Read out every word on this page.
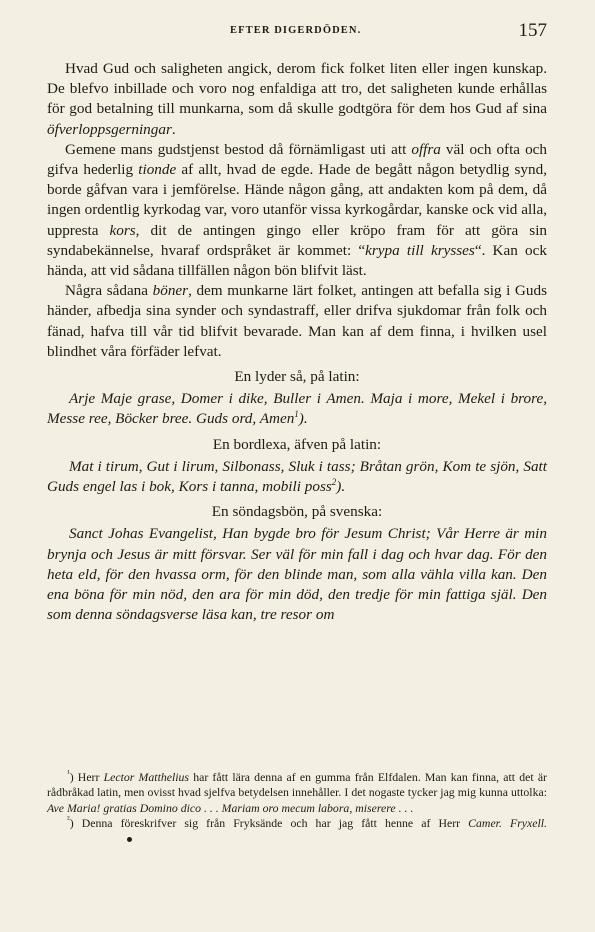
EFTER DIGERDÖDEN.	157

Hvad Gud och saligheten angick, derom fick folket liten eller ingen kunskap. De blefvo inbillade och voro nog enfaldiga att tro, det saligheten kunde erhållas för god betalning till munkarna, som då skulle godtgöra för dem hos Gud af sina öfverloppsgerningar.

Gemene mans gudstjenst bestod då förnämligast uti att offra väl och ofta och gifva hederlig tionde af allt, hvad de egde. Hade de begått någon betydlig synd, borde gåfvan vara i jemförelse. Hände någon gång, att andakten kom på dem, då ingen ordentlig kyrkodag var, voro utanför vissa kyrkogårdar, kanske ock vid alla, uppresta kors, dit de antingen gingo eller kröpo fram för att göra sin syndabekännelse, hvaraf ordspråket är kommet: “krypa till krysses“. Kan ock hända, att vid sådana tillfällen någon bön blifvit läst.

Några sådana böner, dem munkarne lärt folket, antingen att befalla sig i Guds händer, afbedja sina synder och syndastraff, eller drifva sjukdomar från folk och fänad, hafva till vår tid blifvit bevarade. Man kan af dem finna, i hvilken usel blindhet våra förfäder lefvat.

En lyder så, på latin:

Arje Maje grase, Domer i dike, Buller i Amen. Maja i more, Mekel i brore, Messe ree, Böcker bree. Guds ord, Amen$^1$).

En bordlexa, äfven på latin:

Mat i tirum, Gut i lirum, Silbonass, Sluk i tass; Bråtan grön, Kom te sjön, Satt Guds engel las i bok, Kors i tanna, mobili poss$^2$).

En söndagsbön, på svenska:

Sanct Johas Evangelist, Han bygde bro för Jesum Christ; Vår Herre är min brynja och Jesus är mitt försvar. Ser väl för min fall i dag och hvar dag. För den heta eld, för den hvassa orm, för den blinde man, som alla vähla villa kan. Den ena böna för min nöd, den ara för min död, den tredje för min fattiga själ. Den som denna söndagsverse läsa kan, tre resor om

$^{^1}$) Herr Lector Matthelius har fått lära denna af en gumma från Elfdalen. Man kan finna, att det är rådbråkad latin, men ovisst hvad sjelfva betydelsen innehåller. I det nogaste tycker jag mig kunna uttolka: Ave Maria! gratias Domino dico . . . Mariam oro mecum labora, miserere . . .

$^{^2}$) Denna föreskrifver sig från Fryksände och har jag fått henne af Herr Camer. Fryxell.
